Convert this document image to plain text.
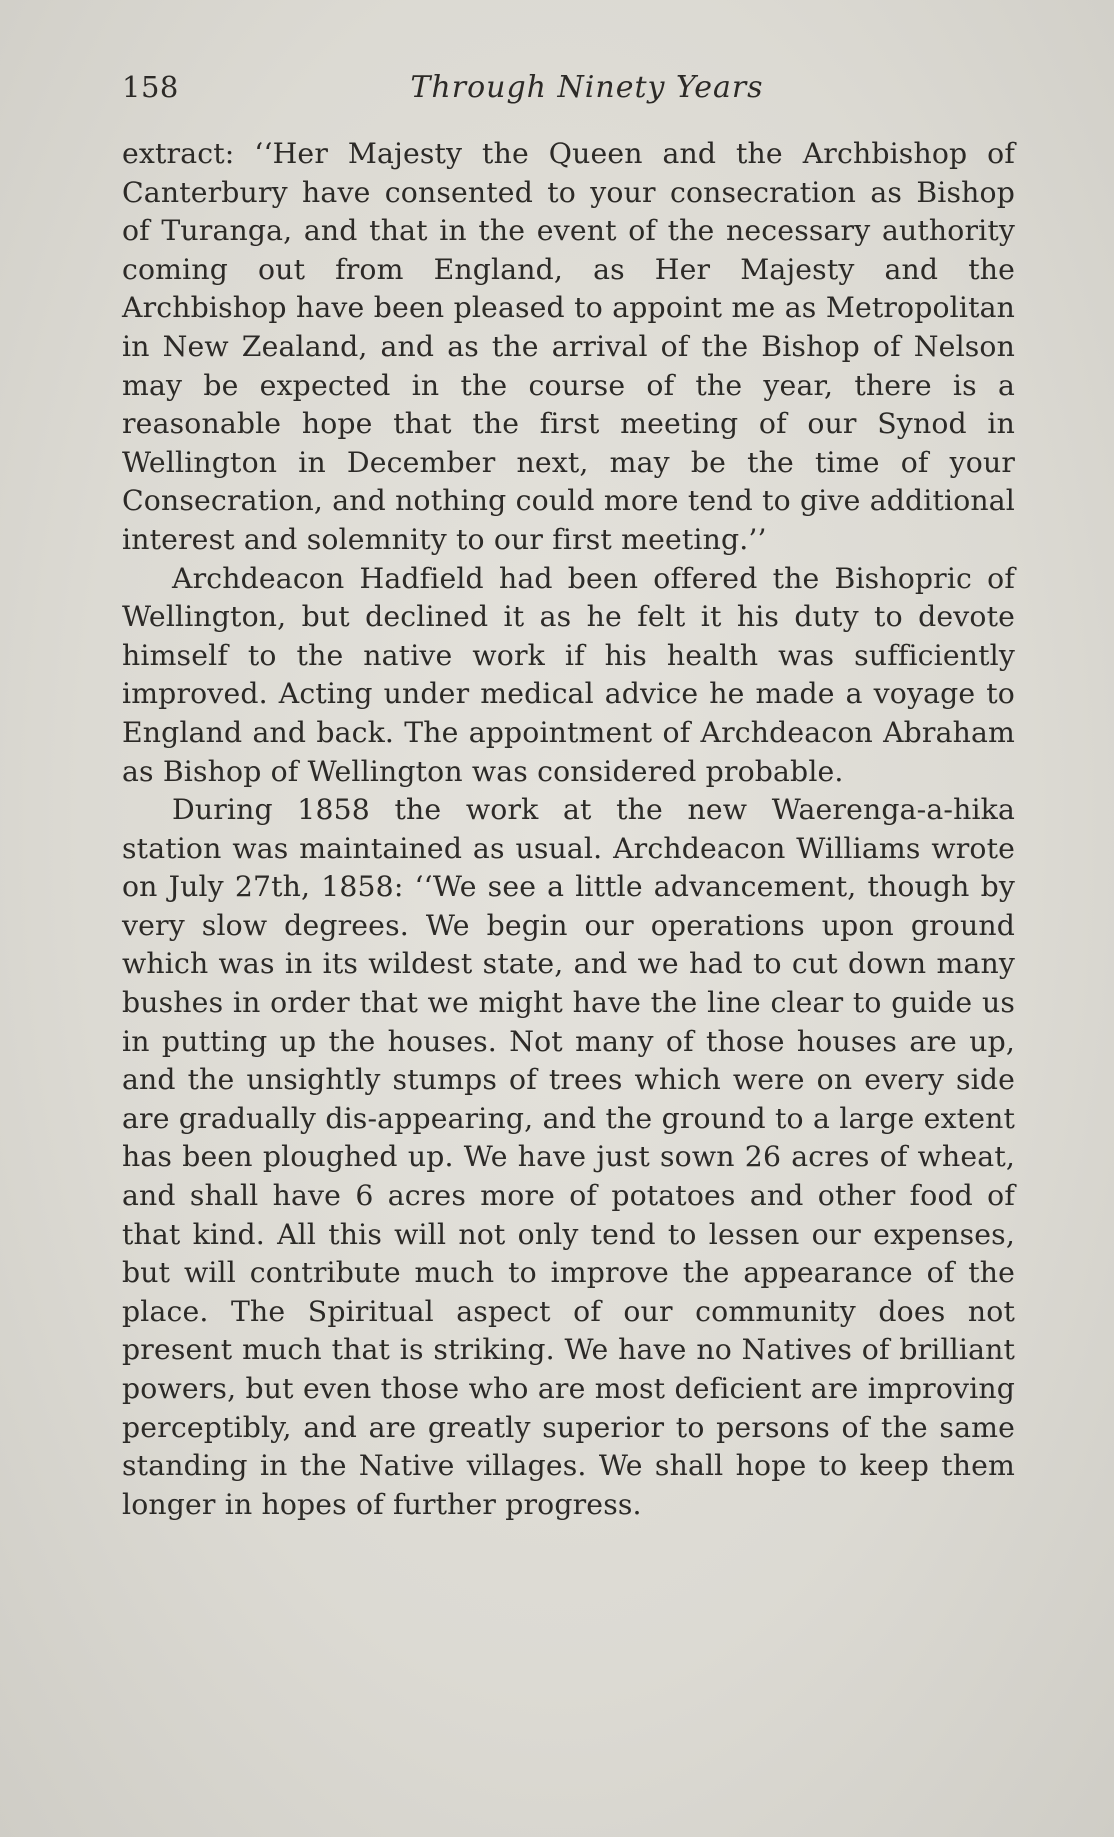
158	Through Ninety Years

extract: ‘‘Her Majesty the Queen and the Archbishop of Canterbury have consented to your consecration as Bishop of Turanga, and that in the event of the necessary authority coming out from England, as Her Majesty and the Archbishop have been pleased to appoint me as Metropolitan in New Zealand, and as the arrival of the Bishop of Nelson may be expected in the course of the year, there is a reasonable hope that the first meeting of our Synod in Wellington in December next, may be the time of your Consecration, and nothing could more tend to give additional interest and solemnity to our first meeting.’’

Archdeacon Hadfield had been offered the Bishopric of Wellington, but declined it as he felt it his duty to devote himself to the native work if his health was sufficiently improved. Acting under medical advice he made a voyage to England and back. The appointment of Archdeacon Abraham as Bishop of Wellington was considered probable.

During 1858 the work at the new Waerenga-a-hika station was maintained as usual. Archdeacon Williams wrote on July 27th, 1858: ‘‘We see a little advancement, though by very slow degrees. We begin our operations upon ground which was in its wildest state, and we had to cut down many bushes in order that we might have the line clear to guide us in putting up the houses. Not many of those houses are up, and the unsightly stumps of trees which were on every side are gradually dis-appearing, and the ground to a large extent has been ploughed up. We have just sown 26 acres of wheat, and shall have 6 acres more of potatoes and other food of that kind. All this will not only tend to lessen our expenses, but will contribute much to improve the appearance of the place. The Spiritual aspect of our community does not present much that is striking. We have no Natives of brilliant powers, but even those who are most deficient are improving perceptibly, and are greatly superior to persons of the same standing in the Native villages. We shall hope to keep them longer in hopes of further progress.
